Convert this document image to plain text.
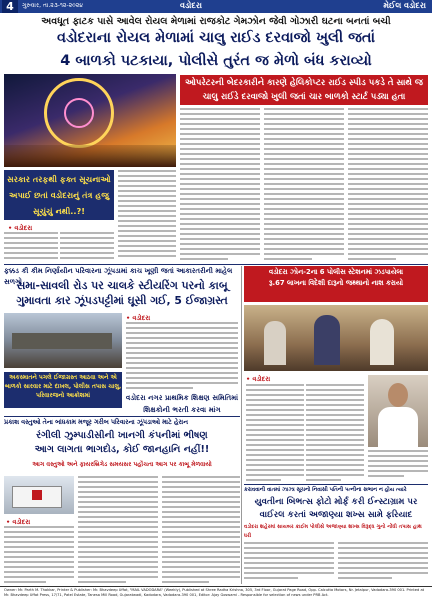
4	ગુરુવાર, તા.૨૩-૧૨-૨૦૨૪	વડોદરા	મેઈલ વડોદરા
અવધૂત ફાટક પાસે આવેલ રોયલ મેળામાં રાજકોટ ગેમઝોન જેવી ગોઝારી ઘટના બનતાં બચી
વડોદરાના રોયલ મેળામાં ચાલુ રાઈડ દરવાજો ખુલી જતાં
4 બાળકો પટકાયા, પોલીસે તુરંત જ મેળો બંધ કરાવ્યો
ઓપરેટરની બેદરકારીને કારણે હેલિકોપ્ટર રાઈડ સ્પીડ પકડે તે સાથે જ ચાલુ રાઈડે દરવાજો ખુલી જતાં ચાર બાળકો સ્ટાર્ટ પડ્યા હતા
સરકાર તરફથી ફક્ત સૂચનાઓ અપાઈ છતાં વડોદરાનું તંત્ર હજુ સૂચુંચું નથી..?!
• વડોદરા
ફક્કડ કી કીમ નિર્ણાયીન પરિવારના ઝૂંપડામાં કાચ ખૂણી જતાં આકારતરીની માહેલ સળગો
સમા-સાવલી રોડ પર ચાલકે સ્ટીયરિંગ પરનો કાબૂ
ગુમાવતા કાર ઝૂંપડપટ્ટીમાં ઘૂસી ગઈ, 5 ઈજાગ્રસ્ત
• વડોદરા
અકસ્માતને પગલે ઈજાગ્રસ્ત આઠવા અને એ બાળકો સારવાર માટે દાખલ, પોલીસ તપાસ ચાલુ, પરિવારજનો આક્રોશમાં	વડોદરા નગર પ્રાથમિક શિક્ષણ સમિતિમાં શિક્ષકોની ભરતી કરવા માંગ
વડોદરા ઝોન-2ના 6 પોલીસ સ્ટેશનમાં ઝડપાયેલા
રૂ.67 લાખના વિદેશી દારૂનો જથ્થાનો નાશ કરાયો
• વડોદરા
પ્રકાશ વસ્તુઓ તેના બાંધકામ મજૂર ગરીબ પરિવારના ઝૂંપડાઓ માટે હેરાન
રંગીલી ઝુમ્પાડીસીની ખાનગી કંપનીમાં ભીષણ
આગ લાગતા ભાગદોડ, કોઈ જાનહાનિ નહીં!!
આગ વસ્તુઓ અને ફાયરબ્રિગેડ સમયસર પહોંચતા આગ પર કાબૂ મેળવાયો
• વડોદરા
કરાવવાની વાતમાં ઝાઝા સૂચનો નિવાસી પતિની પત્નીના સભાન ન હોય ત્યારે
યુવતીના બિભત્સ ફોટો મોર્ફ કરી ઈન્સ્ટાગ્રામ પર
વાઈરલ કરતાં અજાણ્યા શખ્સ સામે ફરિયાદ
વડોદરા શહેરમાં સાયબર ક્રાઈમ પોલીસે અજાણ્યા શખ્સ વિરૂદ્ધ ગુનો નોંધી તપાસ હાથ ધરી
Owner: Mr. Parth M. Thakkar, Printer & Publisher: Mr. Bhavdeep Uffat, "MAIL VADODARA" (Weekly), Published at Shree Radha Krishna, 305, 3rd Floor, Gujarat Page Road, Opp. Calcutta Motors, Nr. Jetalpur, Vadodara-390 001. Printed at Mr. Bhavdeep Uffat Press, 17/71, Patel Estate, Tanesa Mill Road, Gujaratwadi, Kadodara, Vadodara-390 001, Editor: Ajay Goswami - Responsible for selection of news under PRB Act.
